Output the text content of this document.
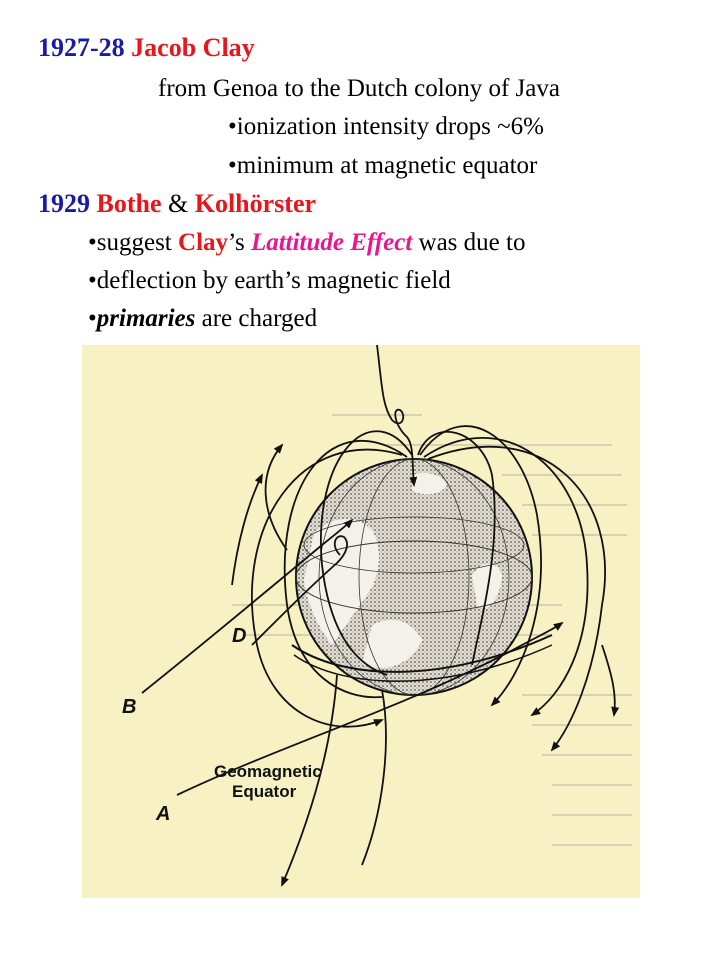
1927-28 Jacob Clay
from Genoa to the Dutch colony of Java
•ionization intensity drops ~6%
•minimum at magnetic equator
1929 Bothe & Kolhörster
•suggest Clay’s Lattitude Effect was due to
•deflection by earth’s magnetic field
•primaries are charged
D
B
A
Geomagnetic
Equator
